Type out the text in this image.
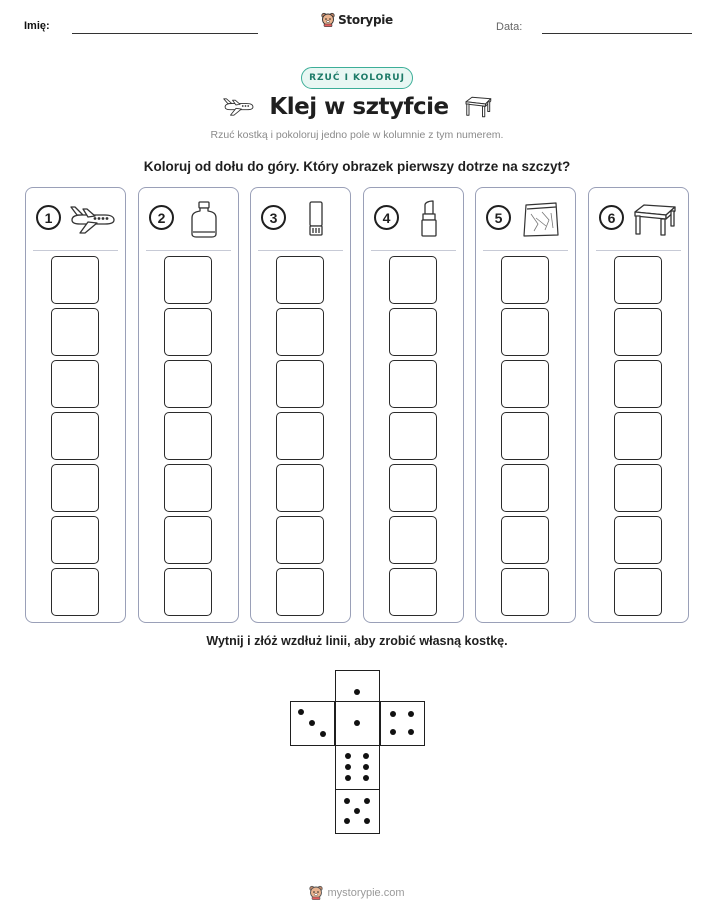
Imię:	Storypie
Data:
RZUĆ I KOLORUJ
Klej w sztyfcie
Rzuć kostką i pokoloruj jedno pole w kolumnie z tym numerem.
Koloruj od dołu do góry. Który obrazek pierwszy dotrze na szczyt?
1	2	3	4	5	6
Wytnij i złóż wzdłuż linii, aby zrobić własną kostkę.
mystorypie.com
